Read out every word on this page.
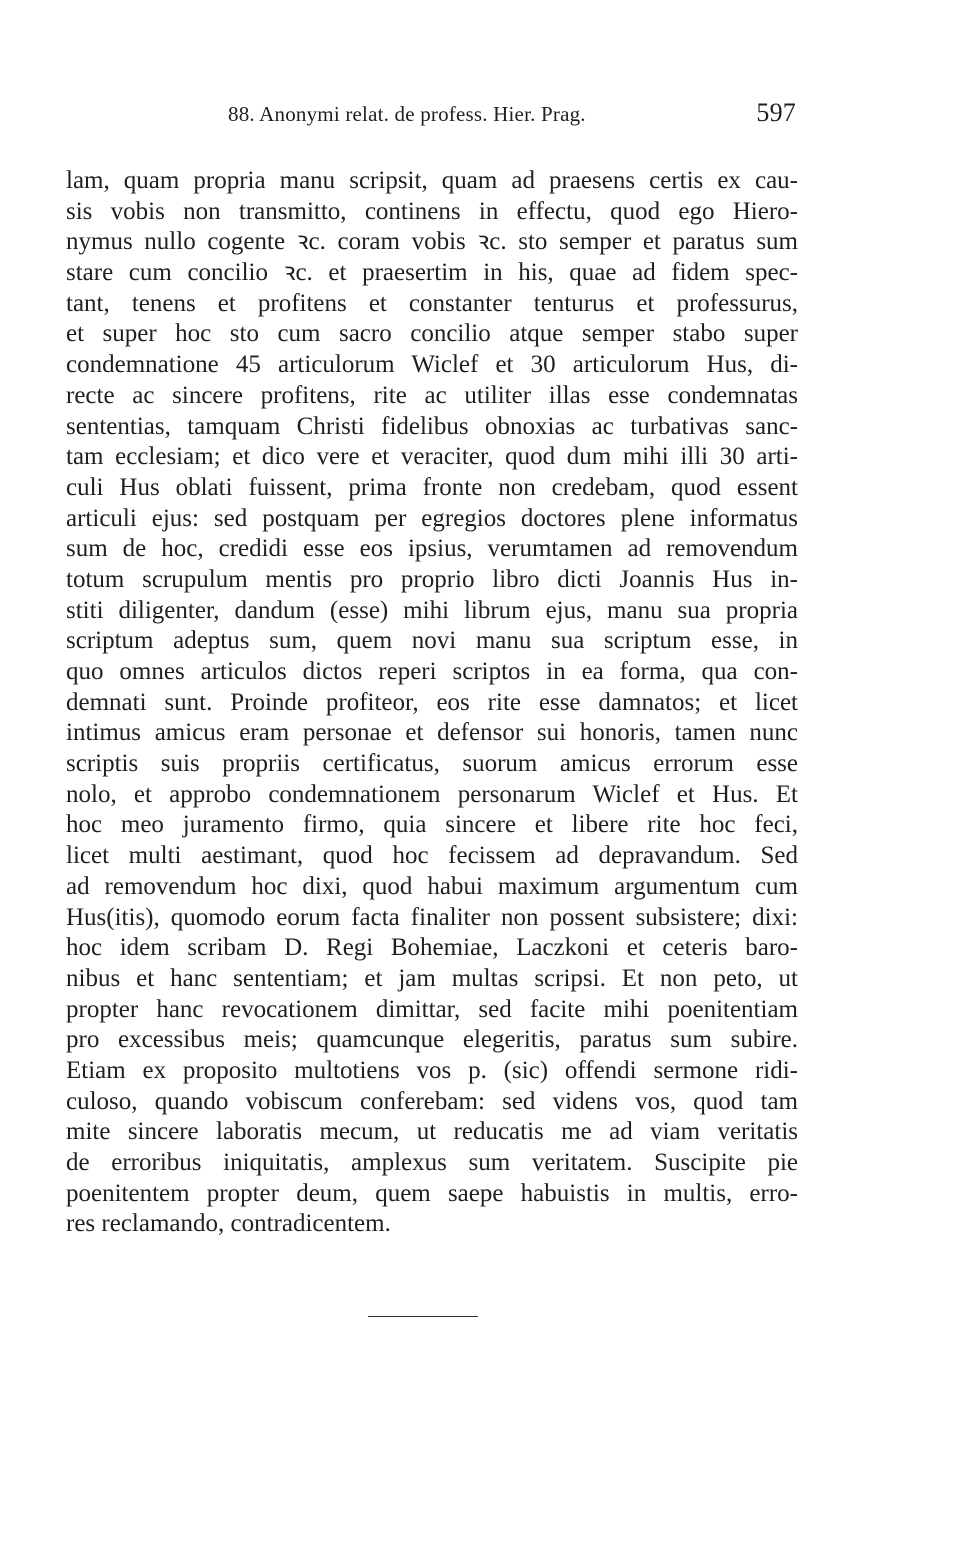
88. Anonymi relat. de profess. Hier. Prag.	597
lam, quam propria manu scripsit, quam ad praesens certis ex cau-
sis vobis non transmitto, continens in effectu, quod ego Hiero-
nymus nullo cogente ꝛc. coram vobis ꝛc. sto semper et paratus sum
stare cum concilio ꝛc. et praesertim in his, quae ad fidem spec-
tant, tenens et profitens et constanter tenturus et professurus,
et super hoc sto cum sacro concilio atque semper stabo super
condemnatione 45 articulorum Wiclef et 30 articulorum Hus, di-
recte ac sincere profitens, rite ac utiliter illas esse condemnatas
sententias, tamquam Christi fidelibus obnoxias ac turbativas sanc-
tam ecclesiam; et dico vere et veraciter, quod dum mihi illi 30 arti-
culi Hus oblati fuissent, prima fronte non credebam, quod essent
articuli ejus: sed postquam per egregios doctores plene informatus
sum de hoc, credidi esse eos ipsius, verumtamen ad removendum
totum scrupulum mentis pro proprio libro dicti Joannis Hus in-
stiti diligenter, dandum (esse) mihi librum ejus, manu sua propria
scriptum adeptus sum, quem novi manu sua scriptum esse, in
quo omnes articulos dictos reperi scriptos in ea forma, qua con-
demnati sunt. Proinde profiteor, eos rite esse damnatos; et licet
intimus amicus eram personae et defensor sui honoris, tamen nunc
scriptis suis propriis certificatus, suorum amicus errorum esse
nolo, et approbo condemnationem personarum Wiclef et Hus. Et
hoc meo juramento firmo, quia sincere et libere rite hoc feci,
licet multi aestimant, quod hoc fecissem ad depravandum. Sed
ad removendum hoc dixi, quod habui maximum argumentum cum
Hus(itis), quomodo eorum facta finaliter non possent subsistere; dixi:
hoc idem scribam D. Regi Bohemiae, Laczkoni et ceteris baro-
nibus et hanc sententiam; et jam multas scripsi. Et non peto, ut
propter hanc revocationem dimittar, sed facite mihi poenitentiam
pro excessibus meis; quamcunque elegeritis, paratus sum subire.
Etiam ex proposito multotiens vos p. (sic) offendi sermone ridi-
culoso, quando vobiscum conferebam: sed videns vos, quod tam
mite sincere laboratis mecum, ut reducatis me ad viam veritatis
de erroribus iniquitatis, amplexus sum veritatem. Suscipite pie
poenitentem propter deum, quem saepe habuistis in multis, erro-
res reclamando, contradicentem.
